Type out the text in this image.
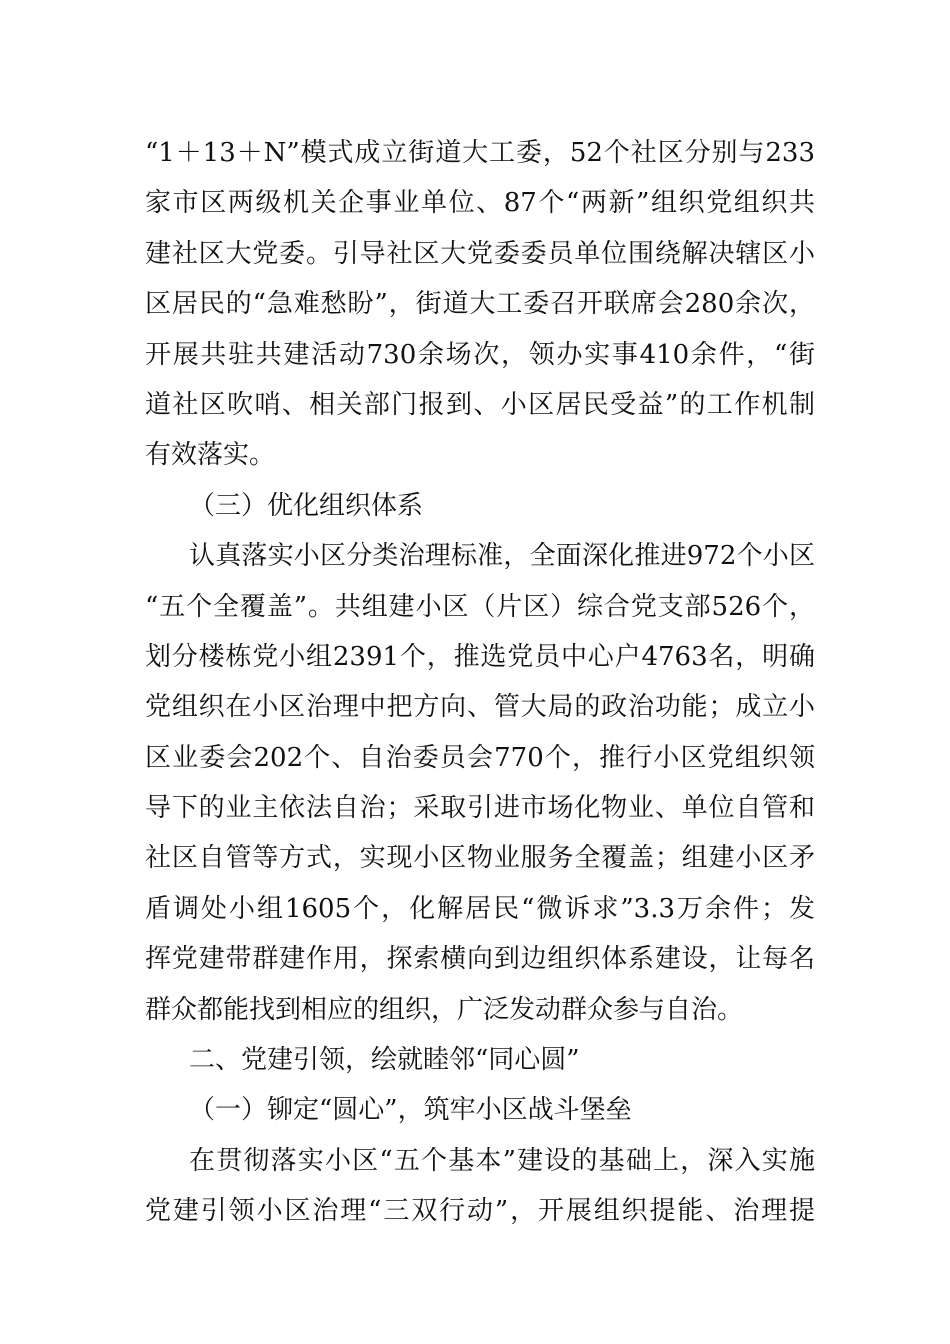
“1＋13＋N”模式成立街道大工委，52个社区分别与233
家市区两级机关企事业单位、87个“两新”组织党组织共
建社区大党委。引导社区大党委委员单位围绕解决辖区小
区居民的“急难愁盼”，街道大工委召开联席会280余次，
开展共驻共建活动730余场次，领办实事410余件，“街
道社区吹哨、相关部门报到、小区居民受益”的工作机制
有效落实。
（三）优化组织体系
认真落实小区分类治理标准，全面深化推进972个小区
“五个全覆盖”。共组建小区（片区）综合党支部526个，
划分楼栋党小组2391个，推选党员中心户4763名，明确
党组织在小区治理中把方向、管大局的政治功能；成立小
区业委会202个、自治委员会770个，推行小区党组织领
导下的业主依法自治；采取引进市场化物业、单位自管和
社区自管等方式，实现小区物业服务全覆盖；组建小区矛
盾调处小组1605个，化解居民“微诉求”3.3万余件；发
挥党建带群建作用，探索横向到边组织体系建设，让每名
群众都能找到相应的组织，广泛发动群众参与自治。
二、党建引领，绘就睦邻“同心圆”
（一）铆定“圆心”，筑牢小区战斗堡垒
在贯彻落实小区“五个基本”建设的基础上，深入实施
党建引领小区治理“三双行动”，开展组织提能、治理提
